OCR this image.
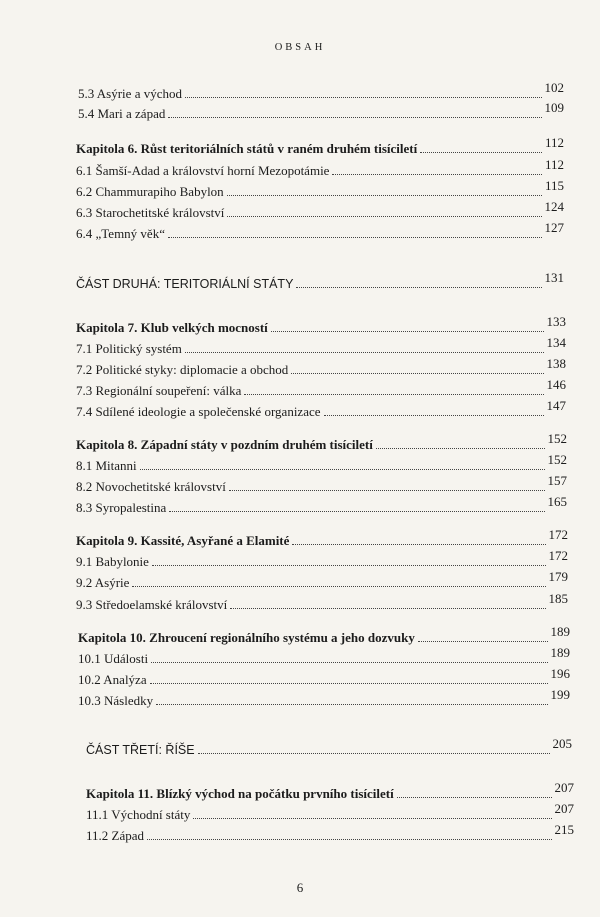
OBSAH
5.3 Asýrie a východ	102
5.4 Mari a západ	109
Kapitola 6. Růst teritoriálních států v raném druhém tisíciletí	112
6.1 Šamší-Adad a království horní Mezopotámie	112
6.2 Chammurapiho Babylon	115
6.3 Starochetitské království	124
6.4 „Temný věk“	127
ČÁST DRUHÁ: TERITORIÁLNÍ STÁTY	131
Kapitola 7. Klub velkých mocností	133
7.1 Politický systém	134
7.2 Politické styky: diplomacie a obchod	138
7.3 Regionální soupeření: válka	146
7.4 Sdílené ideologie a společenské organizace	147
Kapitola 8. Západní státy v pozdním druhém tisíciletí	152
8.1 Mitanni	152
8.2 Novochetitské království	157
8.3 Syropalestina	165
Kapitola 9. Kassité, Asyřané a Elamité	172
9.1 Babylonie	172
9.2 Asýrie	179
9.3 Středoelamské království	185
Kapitola 10. Zhroucení regionálního systému a jeho dozvuky	189
10.1 Události	189
10.2 Analýza	196
10.3 Následky	199
ČÁST TŘETÍ: ŘÍŠE	205
Kapitola 11. Blízký východ na počátku prvního tisíciletí	207
11.1 Východní státy	207
11.2 Západ	215
6
